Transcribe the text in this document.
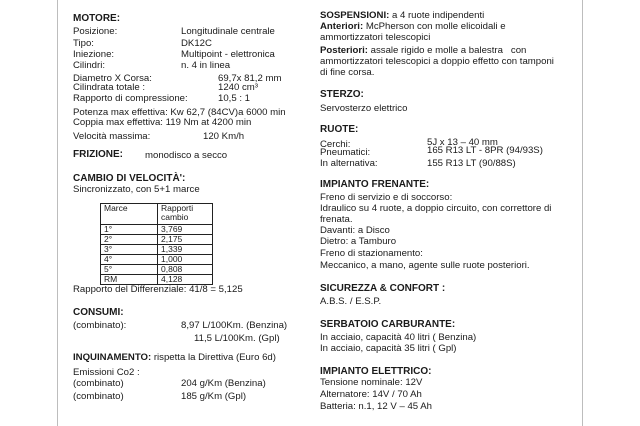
MOTORE:
Posizione:	Longitudinale centrale
Tipo:	DK12C
Iniezione:	Multipoint - elettronica
Cilindri:	n. 4 in linea
Diametro X Corsa:	69,7x 81,2 mm
Cilindrata totale :	1240 cm³
Rapporto di compressione:	10,5 : 1
Potenza max effettiva: Kw 62,7 (84CV)a 6000 min
Coppia max effettiva: 119 Nm at 4200 min
Velocità massima:	120 Km/h
FRIZIONE: monodisco a secco
CAMBIO DI VELOCITÀ':
Sincronizzato, con 5+1 marce
Marce	Rapporti
cambio
1°	3,769
2°	2,175
3°	1,339
4°	1,000
5°	0,808
RM	4,128
Rapporto del Differenziale: 41/8 = 5,125
CONSUMI:
(combinato):	8,97 L/100Km. (Benzina)
11,5 L/100Km. (Gpl)
INQUINAMENTO: rispetta la Direttiva (Euro 6d)
Emissioni Co2 :
(combinato)	204 g/Km (Benzina)
(combinato)	185 g/Km (Gpl)
SOSPENSIONI: a 4 ruote indipendenti
Anteriori: McPherson con molle elicoidali e
ammortizzatori telescopici
Posteriori: assale rigido e molle a balestra   con
ammortizzatori telescopici a doppio effetto con tamponi
di fine corsa.
STERZO:
Servosterzo elettrico
RUOTE:
Cerchi:	5J x 13 – 40 mm
Pneumatici:	165 R13 LT - 8PR (94/93S)
In alternativa:	155 R13 LT (90/88S)
IMPIANTO FRENANTE:
Freno di servizio e di soccorso:
Idraulico su 4 ruote, a doppio circuito, con correttore di
frenata.
Davanti: a Disco
Dietro: a Tamburo
Freno di stazionamento:
Meccanico, a mano, agente sulle ruote posteriori.
SICUREZZA & CONFORT :
A.B.S. / E.S.P.
SERBATOIO CARBURANTE:
In acciaio, capacità 40 litri ( Benzina)
In acciaio, capacità 35 litri ( Gpl)
IMPIANTO ELETTRICO:
Tensione nominale: 12V
Alternatore: 14V / 70 Ah
Batteria: n.1, 12 V – 45 Ah
